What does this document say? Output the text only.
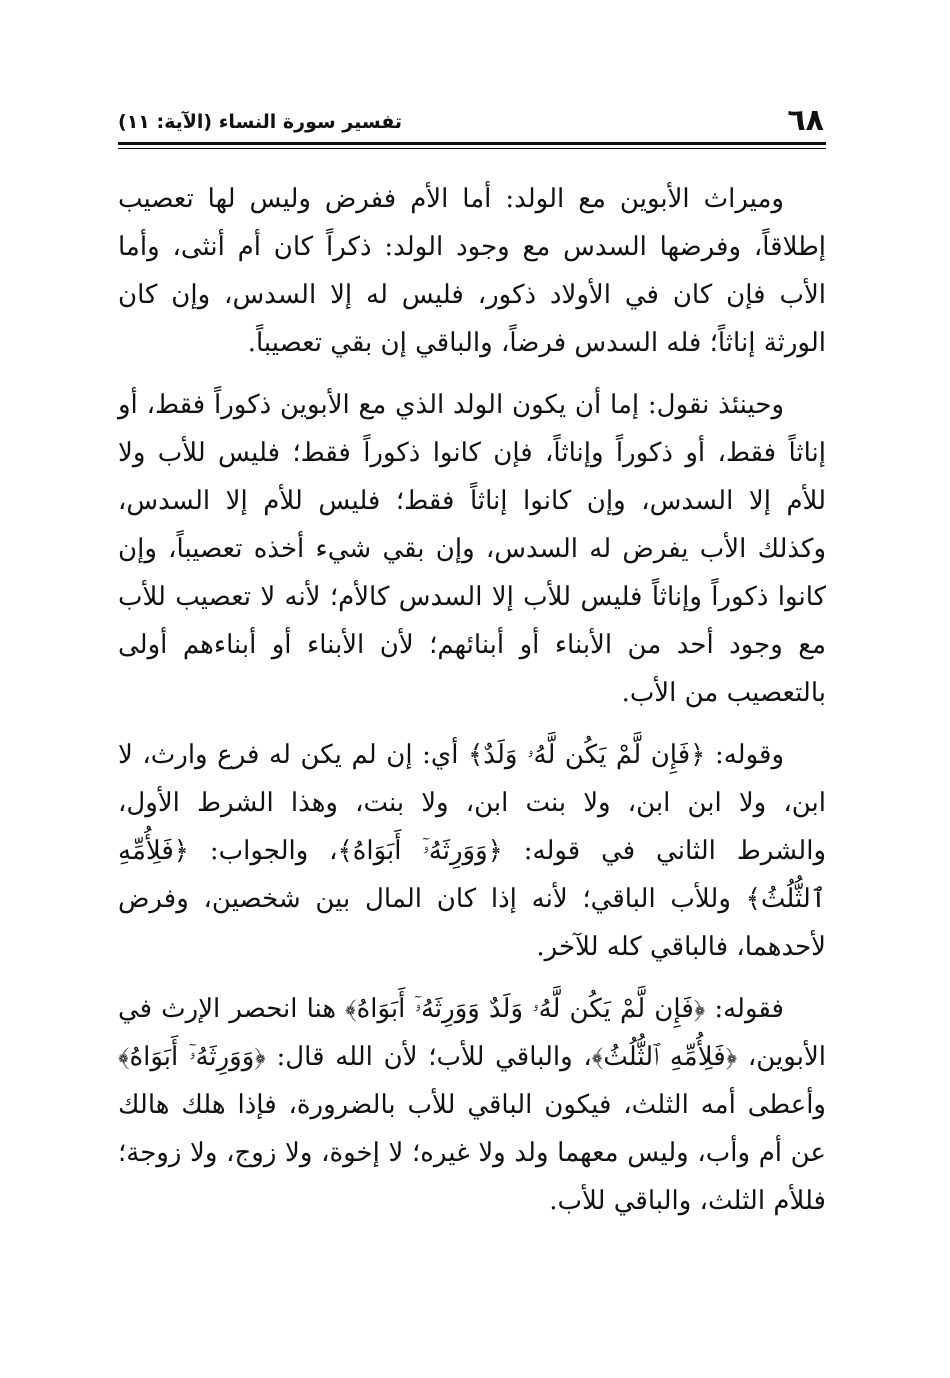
٦٨
تفسير سورة النساء (الآية: ١١)

وميراث الأبوين مع الولد: أما الأم ففرض وليس لها تعصيب إطلاقاً، وفرضها السدس مع وجود الولد: ذكراً كان أم أنثى، وأما الأب فإن كان في الأولاد ذكور، فليس له إلا السدس، وإن كان الورثة إناثاً؛ فله السدس فرضاً، والباقي إن بقي تعصيباً.

وحينئذ نقول: إما أن يكون الولد الذي مع الأبوين ذكوراً فقط، أو إناثاً فقط، أو ذكوراً وإناثاً، فإن كانوا ذكوراً فقط؛ فليس للأب ولا للأم إلا السدس، وإن كانوا إناثاً فقط؛ فليس للأم إلا السدس، وكذلك الأب يفرض له السدس، وإن بقي شيء أخذه تعصيباً، وإن كانوا ذكوراً وإناثاً فليس للأب إلا السدس كالأم؛ لأنه لا تعصيب للأب مع وجود أحد من الأبناء أو أبنائهم؛ لأن الأبناء أو أبناءهم أولى بالتعصيب من الأب.

وقوله: ﴿فَإِن لَّمْ يَكُن لَّهُۥ وَلَدٌ﴾ أي: إن لم يكن له فرع وارث، لا ابن، ولا ابن ابن، ولا بنت ابن، ولا بنت، وهذا الشرط الأول، والشرط الثاني في قوله: ﴿وَوَرِثَهُۥٓ أَبَوَاهُ﴾، والجواب: ﴿فَلِأُمِّهِ ٱلثُّلُثُ﴾ وللأب الباقي؛ لأنه إذا كان المال بين شخصين، وفرض لأحدهما، فالباقي كله للآخر.

فقوله: ﴿فَإِن لَّمْ يَكُن لَّهُۥ وَلَدٌ وَوَرِثَهُۥٓ أَبَوَاهُ﴾ هنا انحصر الإرث في الأبوين، ﴿فَلِأُمِّهِ ٱلثُّلُثُ﴾، والباقي للأب؛ لأن الله قال: ﴿وَوَرِثَهُۥٓ أَبَوَاهُ﴾ وأعطى أمه الثلث، فيكون الباقي للأب بالضرورة، فإذا هلك هالك عن أم وأب، وليس معهما ولد ولا غيره؛ لا إخوة، ولا زوج، ولا زوجة؛ فللأم الثلث، والباقي للأب.
